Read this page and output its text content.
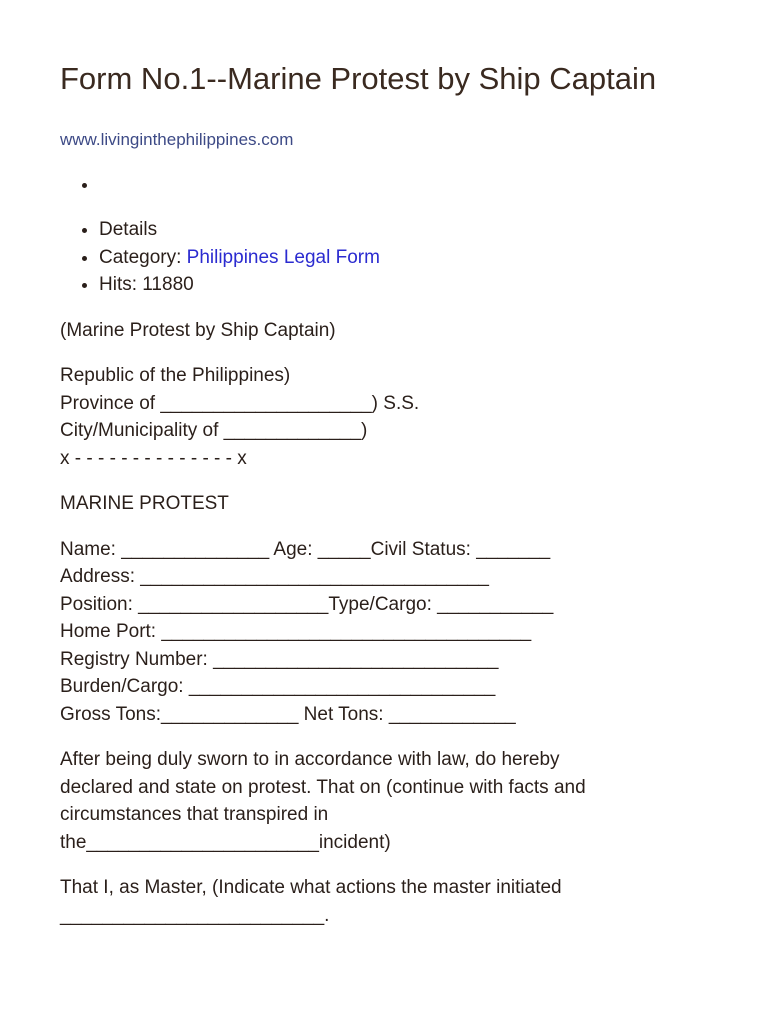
Form No.1--Marine Protest by Ship Captain
www.livinginthephilippines.com
•
• Details
• Category: Philippines Legal Form
• Hits: 11880

(Marine Protest by Ship Captain)

Republic of the Philippines)
Province of ____________________) S.S.
City/Municipality of _____________)
x - - - - - - - - - - - - - - x

MARINE PROTEST

Name: ______________ Age: _____Civil Status: _______
Address: _________________________________
Position: __________________Type/Cargo: ___________
Home Port: ___________________________________
Registry Number: ___________________________
Burden/Cargo: _____________________________
Gross Tons:_____________ Net Tons: ____________

After being duly sworn to in accordance with law, do hereby
declared and state on protest. That on (continue with facts and
circumstances that transpired in
the______________________incident)

That I, as Master, (Indicate what actions the master initiated
_________________________.
